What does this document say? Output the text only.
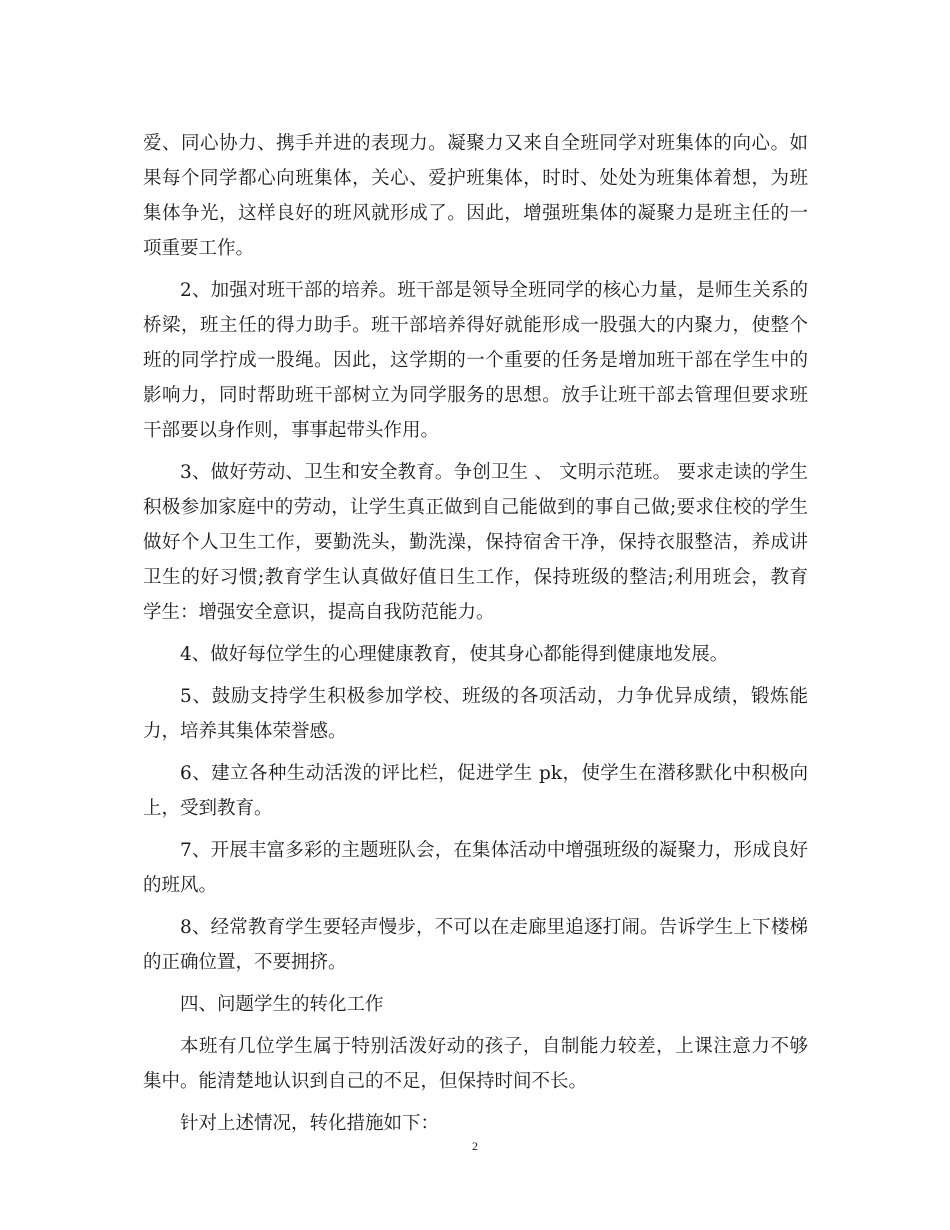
爱、同心协力、携手并进的表现力。凝聚力又来自全班同学对班集体的向心。如
果每个同学都心向班集体，关心、爱护班集体，时时、处处为班集体着想，为班
集体争光，这样良好的班风就形成了。因此，增强班集体的凝聚力是班主任的一
项重要工作。
2、加强对班干部的培养。班干部是领导全班同学的核心力量，是师生关系的
桥梁，班主任的得力助手。班干部培养得好就能形成一股强大的内聚力，使整个
班的同学拧成一股绳。因此，这学期的一个重要的任务是增加班干部在学生中的
影响力，同时帮助班干部树立为同学服务的思想。放手让班干部去管理但要求班
干部要以身作则，事事起带头作用。
3、做好劳动、卫生和安全教育。争创卫生 、 文明示范班。 要求走读的学生
积极参加家庭中的劳动，让学生真正做到自己能做到的事自己做;要求住校的学生
做好个人卫生工作，要勤洗头，勤洗澡，保持宿舍干净，保持衣服整洁，养成讲
卫生的好习惯;教育学生认真做好值日生工作，保持班级的整洁;利用班会，教育
学生：增强安全意识，提高自我防范能力。
4、做好每位学生的心理健康教育，使其身心都能得到健康地发展。
5、鼓励支持学生积极参加学校、班级的各项活动，力争优异成绩，锻炼能
力，培养其集体荣誉感。
6、建立各种生动活泼的评比栏，促进学生 pk，使学生在潜移默化中积极向
上，受到教育。
7、开展丰富多彩的主题班队会，在集体活动中增强班级的凝聚力，形成良好
的班风。
8、经常教育学生要轻声慢步，不可以在走廊里追逐打闹。告诉学生上下楼梯
的正确位置，不要拥挤。
四、问题学生的转化工作
本班有几位学生属于特别活泼好动的孩子，自制能力较差，上课注意力不够
集中。能清楚地认识到自己的不足，但保持时间不长。
针对上述情况，转化措施如下：
2
